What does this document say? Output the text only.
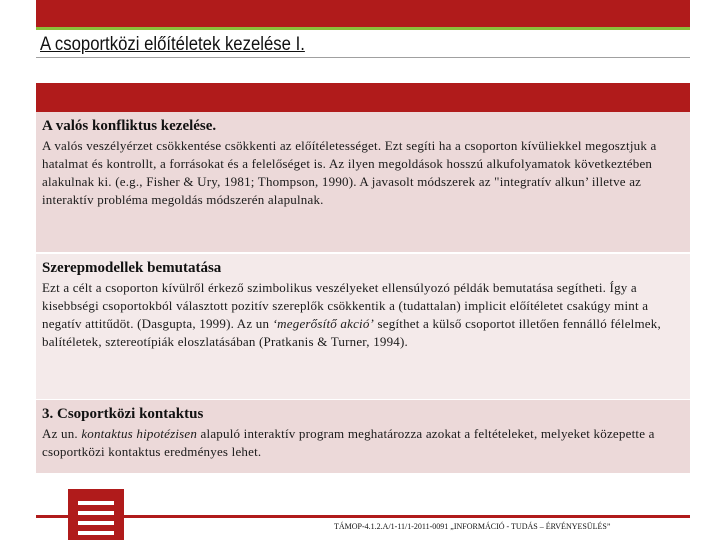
A csoportközi előítéletek kezelése I.
A valós konfliktus kezelése.

A valós veszélyérzet csökkentése csökkenti az előítéletességet. Ezt segíti ha a csoporton kívüliekkel megosztjuk a hatalmat és kontrollt, a forrásokat és a felelőséget is. Az ilyen megoldások hosszú alkufolyamatok következtében alakulnak ki. (e.g., Fisher & Ury, 1981; Thompson, 1990). A javasolt módszerek az "integratív alkun’ illetve az interaktív probléma megoldás módszerén alapulnak.

Szerepmodellek bemutatása

Ezt a célt a csoporton kívülről érkező szimbolikus veszélyeket ellensúlyozó példák bemutatása segítheti. Így a kisebbségi csoportokból választott pozitív szereplők csökkentik a (tudattalan) implicit előítéletet csakúgy mint a negatív attitűdöt. (Dasgupta, 1999). Az un ‘megerősítő akció’ segíthet a külső csoportot illetően fennálló félelmek, balítéletek, sztereotípiák eloszlatásában (Pratkanis & Turner, 1994).

3. Csoportközi kontaktus

Az un. kontaktus hipotézisen alapuló interaktív program meghatározza azokat a feltételeket, melyeket közepette a csoportközi kontaktus eredményes lehet.

TÁMOP-4.1.2.A/1-11/1-2011-0091 „INFORMÁCIÓ - TUDÁS – ÉRVÉNYESÜLÉS”
